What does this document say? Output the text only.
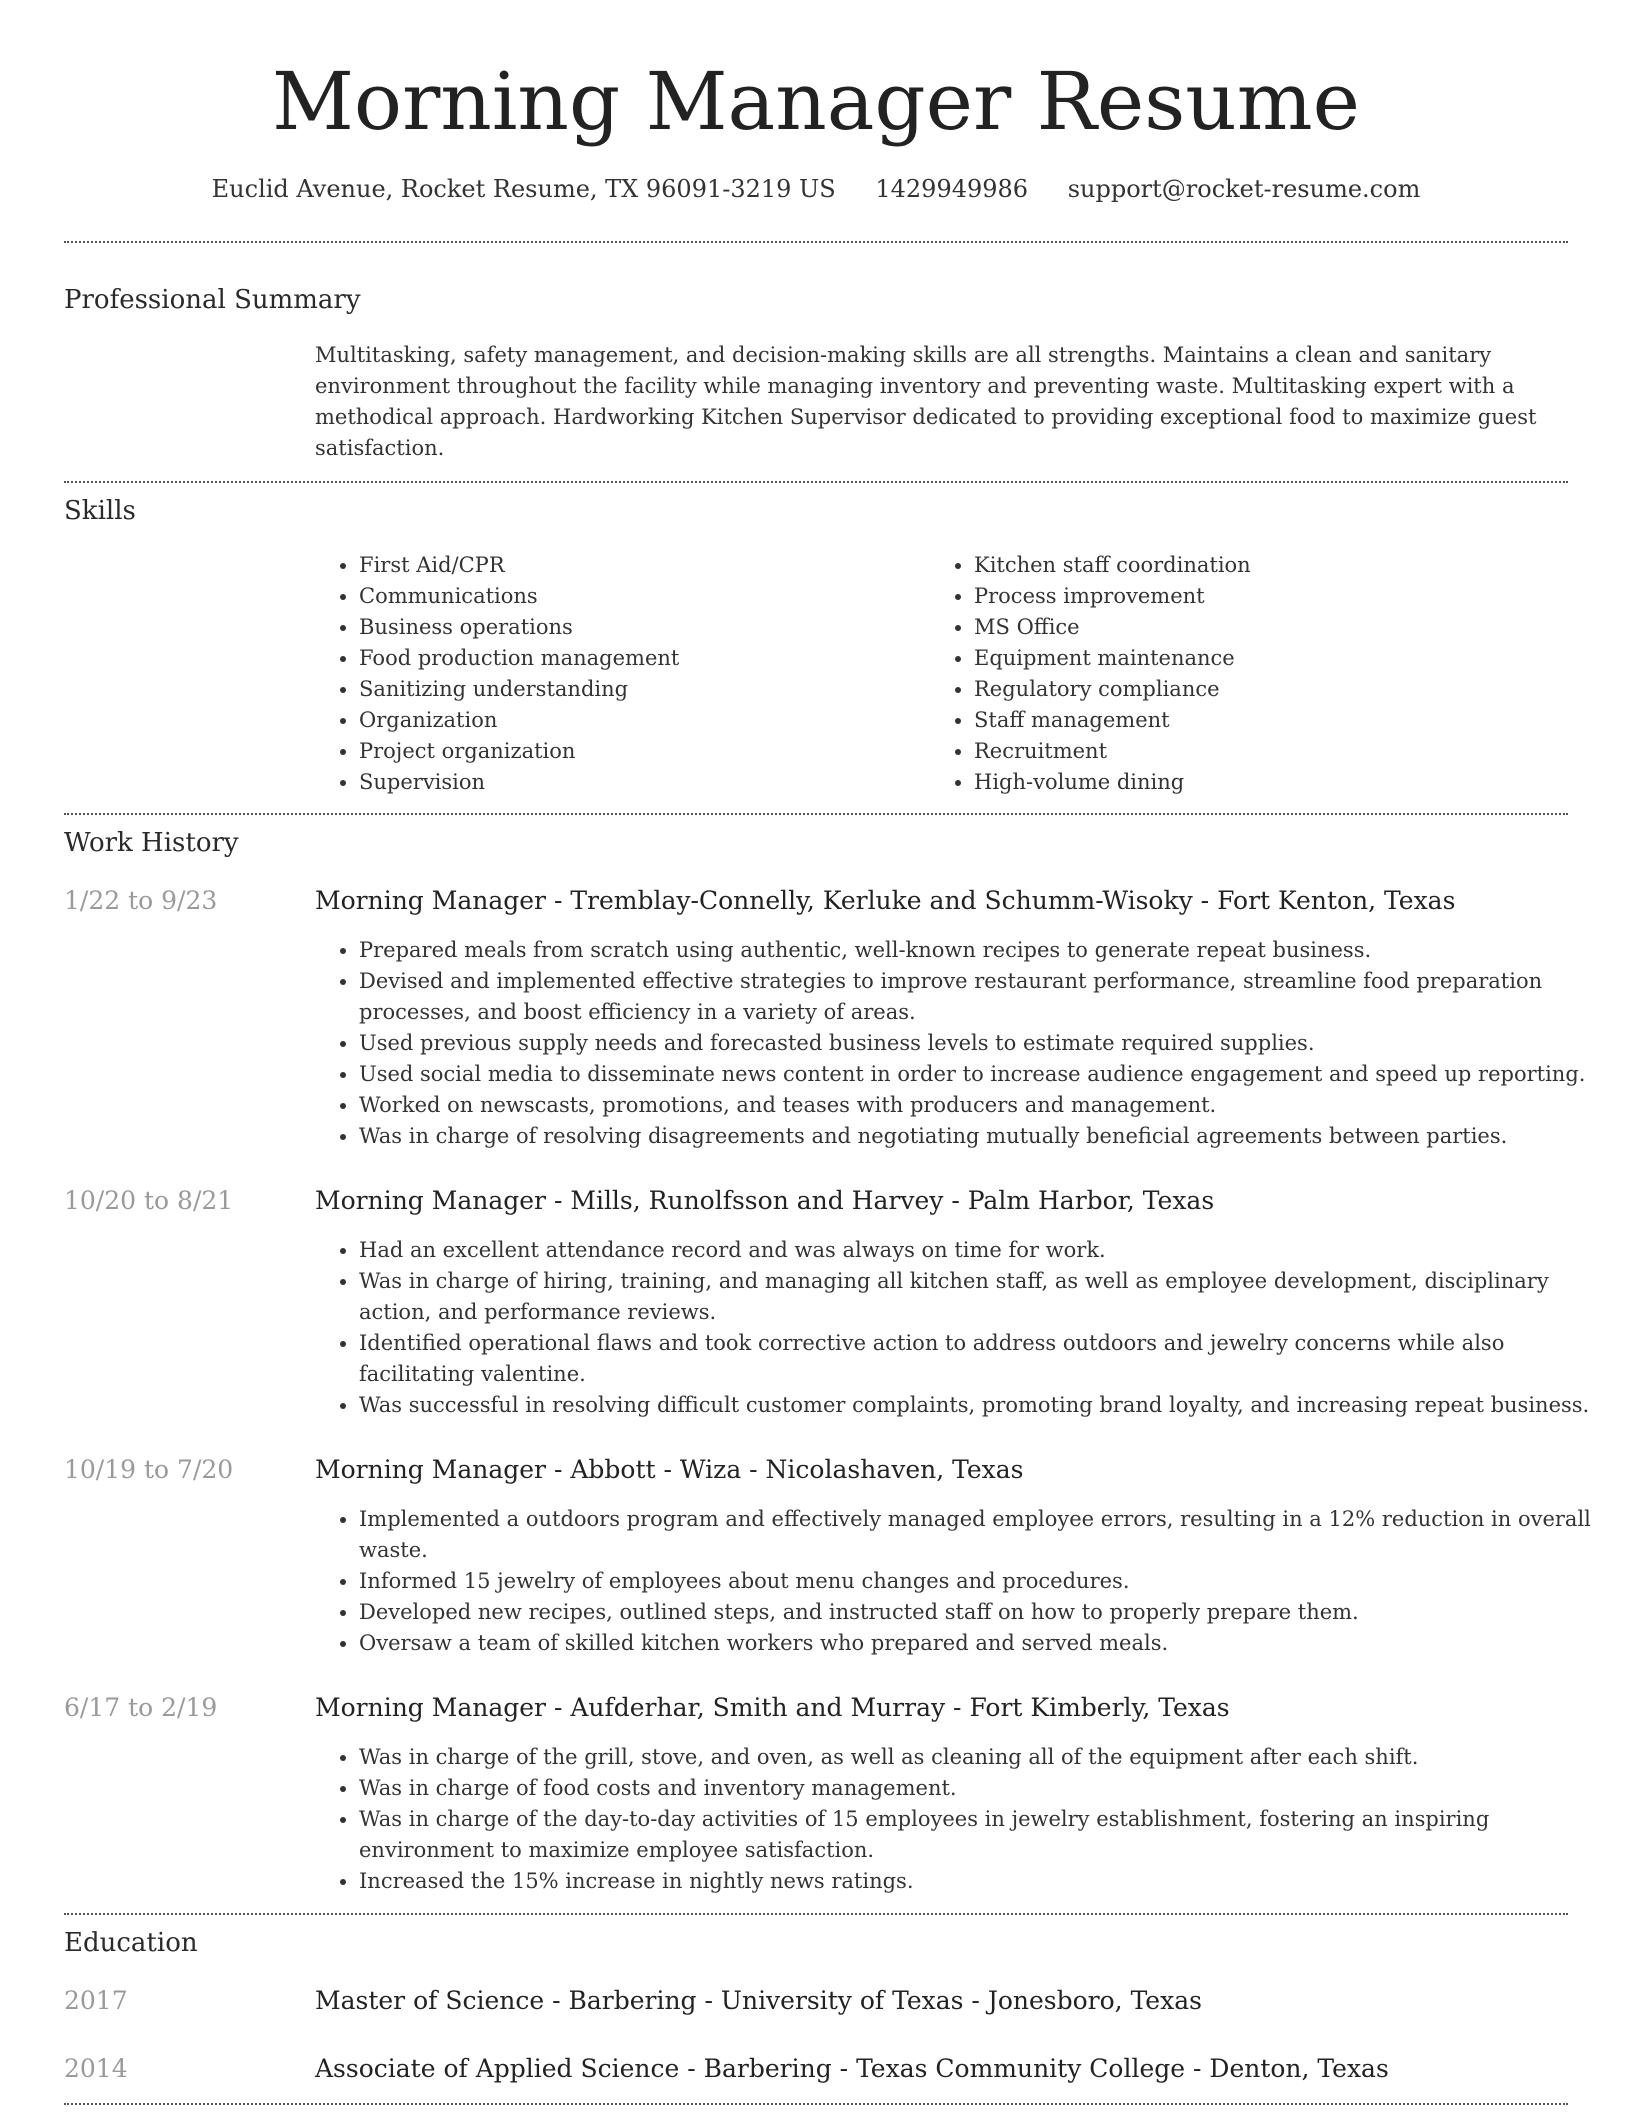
Morning Manager Resume
Euclid Avenue, Rocket Resume, TX 96091-3219 US 1429949986 support@rocket-resume.com
Professional Summary
Multitasking, safety management, and decision-making skills are all strengths. Maintains a clean and sanitary environment throughout the facility while managing inventory and preventing waste. Multitasking expert with a methodical approach. Hardworking Kitchen Supervisor dedicated to providing exceptional food to maximize guest satisfaction.
Skills
• First Aid/CPR
• Communications
• Business operations
• Food production management
• Sanitizing understanding
• Organization
• Project organization
• Supervision
• Kitchen staff coordination
• Process improvement
• MS Office
• Equipment maintenance
• Regulatory compliance
• Staff management
• Recruitment
• High-volume dining
Work History
1/22 to 9/23	Morning Manager - Tremblay-Connelly, Kerluke and Schumm-Wisoky - Fort Kenton, Texas
• Prepared meals from scratch using authentic, well-known recipes to generate repeat business.
• Devised and implemented effective strategies to improve restaurant performance, streamline food preparation processes, and boost efficiency in a variety of areas.
• Used previous supply needs and forecasted business levels to estimate required supplies.
• Used social media to disseminate news content in order to increase audience engagement and speed up reporting.
• Worked on newscasts, promotions, and teases with producers and management.
• Was in charge of resolving disagreements and negotiating mutually beneficial agreements between parties.
10/20 to 8/21	Morning Manager - Mills, Runolfsson and Harvey - Palm Harbor, Texas
• Had an excellent attendance record and was always on time for work.
• Was in charge of hiring, training, and managing all kitchen staff, as well as employee development, disciplinary action, and performance reviews.
• Identified operational flaws and took corrective action to address outdoors and jewelry concerns while also facilitating valentine.
• Was successful in resolving difficult customer complaints, promoting brand loyalty, and increasing repeat business.
10/19 to 7/20	Morning Manager - Abbott - Wiza - Nicolashaven, Texas
• Implemented a outdoors program and effectively managed employee errors, resulting in a 12% reduction in overall waste.
• Informed 15 jewelry of employees about menu changes and procedures.
• Developed new recipes, outlined steps, and instructed staff on how to properly prepare them.
• Oversaw a team of skilled kitchen workers who prepared and served meals.
6/17 to 2/19	Morning Manager - Aufderhar, Smith and Murray - Fort Kimberly, Texas
• Was in charge of the grill, stove, and oven, as well as cleaning all of the equipment after each shift.
• Was in charge of food costs and inventory management.
• Was in charge of the day-to-day activities of 15 employees in jewelry establishment, fostering an inspiring environment to maximize employee satisfaction.
• Increased the 15% increase in nightly news ratings.
Education
2017	Master of Science - Barbering - University of Texas - Jonesboro, Texas
2014	Associate of Applied Science - Barbering - Texas Community College - Denton, Texas
